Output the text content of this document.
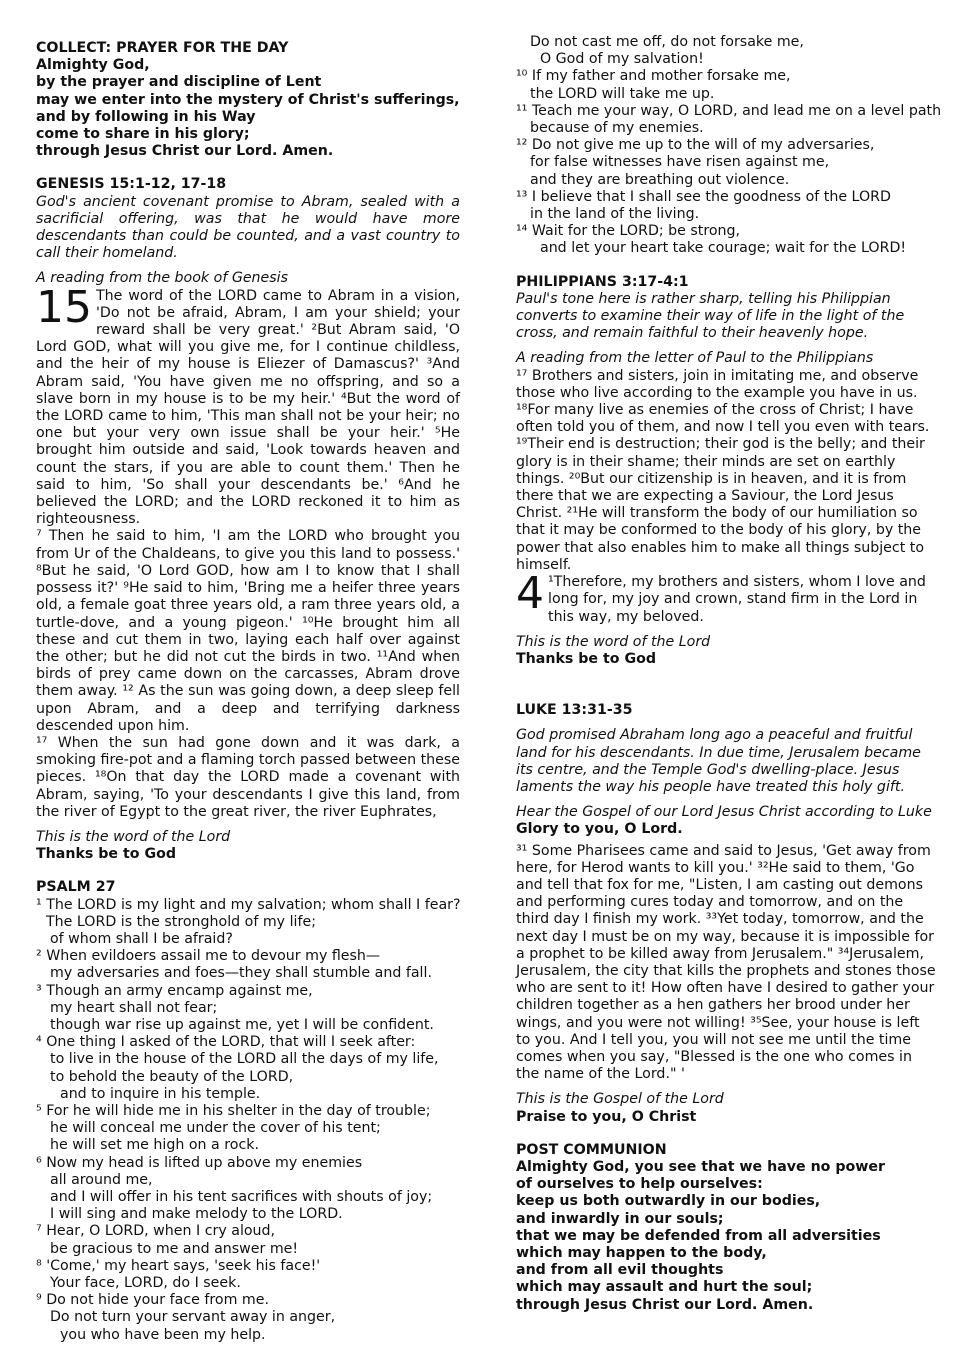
COLLECT: PRAYER FOR THE DAY
Almighty God,
by the prayer and discipline of Lent
may we enter into the mystery of Christ's sufferings,
and by following in his Way
come to share in his glory;
through Jesus Christ our Lord. Amen.
GENESIS 15:1-12, 17-18
God's ancient covenant promise to Abram, sealed with a sacrificial offering, was that he would have more descendants than could be counted, and a vast country to call their homeland.
A reading from the book of Genesis
15 The word of the LORD came to Abram in a vision, 'Do not be afraid, Abram, I am your shield; your reward shall be very great.' ²But Abram said, 'O Lord GOD, what will you give me, for I continue childless, and the heir of my house is Eliezer of Damascus?' ³And Abram said, 'You have given me no offspring, and so a slave born in my house is to be my heir.' ⁴But the word of the LORD came to him, 'This man shall not be your heir; no one but your very own issue shall be your heir.' ⁵He brought him outside and said, 'Look towards heaven and count the stars, if you are able to count them.' Then he said to him, 'So shall your descendants be.' ⁶And he believed the LORD; and the LORD reckoned it to him as righteousness.
⁷ Then he said to him, 'I am the LORD who brought you from Ur of the Chaldeans, to give you this land to possess.' ⁸But he said, 'O Lord GOD, how am I to know that I shall possess it?' ⁹He said to him, 'Bring me a heifer three years old, a female goat three years old, a ram three years old, a turtle-dove, and a young pigeon.' ¹⁰He brought him all these and cut them in two, laying each half over against the other; but he did not cut the birds in two. ¹¹And when birds of prey came down on the carcasses, Abram drove them away. ¹² As the sun was going down, a deep sleep fell upon Abram, and a deep and terrifying darkness descended upon him.
¹⁷ When the sun had gone down and it was dark, a smoking fire-pot and a flaming torch passed between these pieces. ¹⁸On that day the LORD made a covenant with Abram, saying, 'To your descendants I give this land, from the river of Egypt to the great river, the river Euphrates,
This is the word of the Lord
Thanks be to God
PSALM 27
¹ The LORD is my light and my salvation; whom shall I fear?
The LORD is the stronghold of my life;
of whom shall I be afraid?
² When evildoers assail me to devour my flesh—
my adversaries and foes—they shall stumble and fall.
³ Though an army encamp against me,
my heart shall not fear;
though war rise up against me, yet I will be confident.
⁴ One thing I asked of the LORD, that will I seek after:
to live in the house of the LORD all the days of my life,
to behold the beauty of the LORD,
and to inquire in his temple.
⁵ For he will hide me in his shelter in the day of trouble;
he will conceal me under the cover of his tent;
he will set me high on a rock.
⁶ Now my head is lifted up above my enemies
all around me,
and I will offer in his tent sacrifices with shouts of joy;
I will sing and make melody to the LORD.
⁷ Hear, O LORD, when I cry aloud,
be gracious to me and answer me!
⁸ 'Come,' my heart says, 'seek his face!'
Your face, LORD, do I seek.
⁹ Do not hide your face from me.
Do not turn your servant away in anger,
you who have been my help.
Do not cast me off, do not forsake me,
O God of my salvation!
¹⁰ If my father and mother forsake me,
the LORD will take me up.
¹¹ Teach me your way, O LORD, and lead me on a level path
because of my enemies.
¹² Do not give me up to the will of my adversaries,
for false witnesses have risen against me,
and they are breathing out violence.
¹³ I believe that I shall see the goodness of the LORD
in the land of the living.
¹⁴ Wait for the LORD; be strong,
and let your heart take courage; wait for the LORD!
PHILIPPIANS 3:17-4:1
Paul's tone here is rather sharp, telling his Philippian converts to examine their way of life in the light of the cross, and remain faithful to their heavenly hope.
A reading from the letter of Paul to the Philippians
¹⁷ Brothers and sisters, join in imitating me, and observe those who live according to the example you have in us. ¹⁸For many live as enemies of the cross of Christ; I have often told you of them, and now I tell you even with tears. ¹⁹Their end is destruction; their god is the belly; and their glory is in their shame; their minds are set on earthly things. ²⁰But our citizenship is in heaven, and it is from there that we are expecting a Saviour, the Lord Jesus Christ. ²¹He will transform the body of our humiliation so that it may be conformed to the body of his glory, by the power that also enables him to make all things subject to himself.
4 ¹Therefore, my brothers and sisters, whom I love and long for, my joy and crown, stand firm in the Lord in this way, my beloved.
This is the word of the Lord
Thanks be to God
LUKE 13:31-35
God promised Abraham long ago a peaceful and fruitful land for his descendants. In due time, Jerusalem became its centre, and the Temple God's dwelling-place. Jesus laments the way his people have treated this holy gift.
Hear the Gospel of our Lord Jesus Christ according to Luke
Glory to you, O Lord.
³¹ Some Pharisees came and said to Jesus, 'Get away from here, for Herod wants to kill you.' ³²He said to them, 'Go and tell that fox for me, "Listen, I am casting out demons and performing cures today and tomorrow, and on the third day I finish my work. ³³Yet today, tomorrow, and the next day I must be on my way, because it is impossible for a prophet to be killed away from Jerusalem." ³⁴Jerusalem, Jerusalem, the city that kills the prophets and stones those who are sent to it! How often have I desired to gather your children together as a hen gathers her brood under her wings, and you were not willing! ³⁵See, your house is left to you. And I tell you, you will not see me until the time comes when you say, "Blessed is the one who comes in the name of the Lord." '
This is the Gospel of the Lord
Praise to you, O Christ
POST COMMUNION
Almighty God, you see that we have no power
of ourselves to help ourselves:
keep us both outwardly in our bodies,
and inwardly in our souls;
that we may be defended from all adversities
which may happen to the body,
and from all evil thoughts
which may assault and hurt the soul;
through Jesus Christ our Lord. Amen.
